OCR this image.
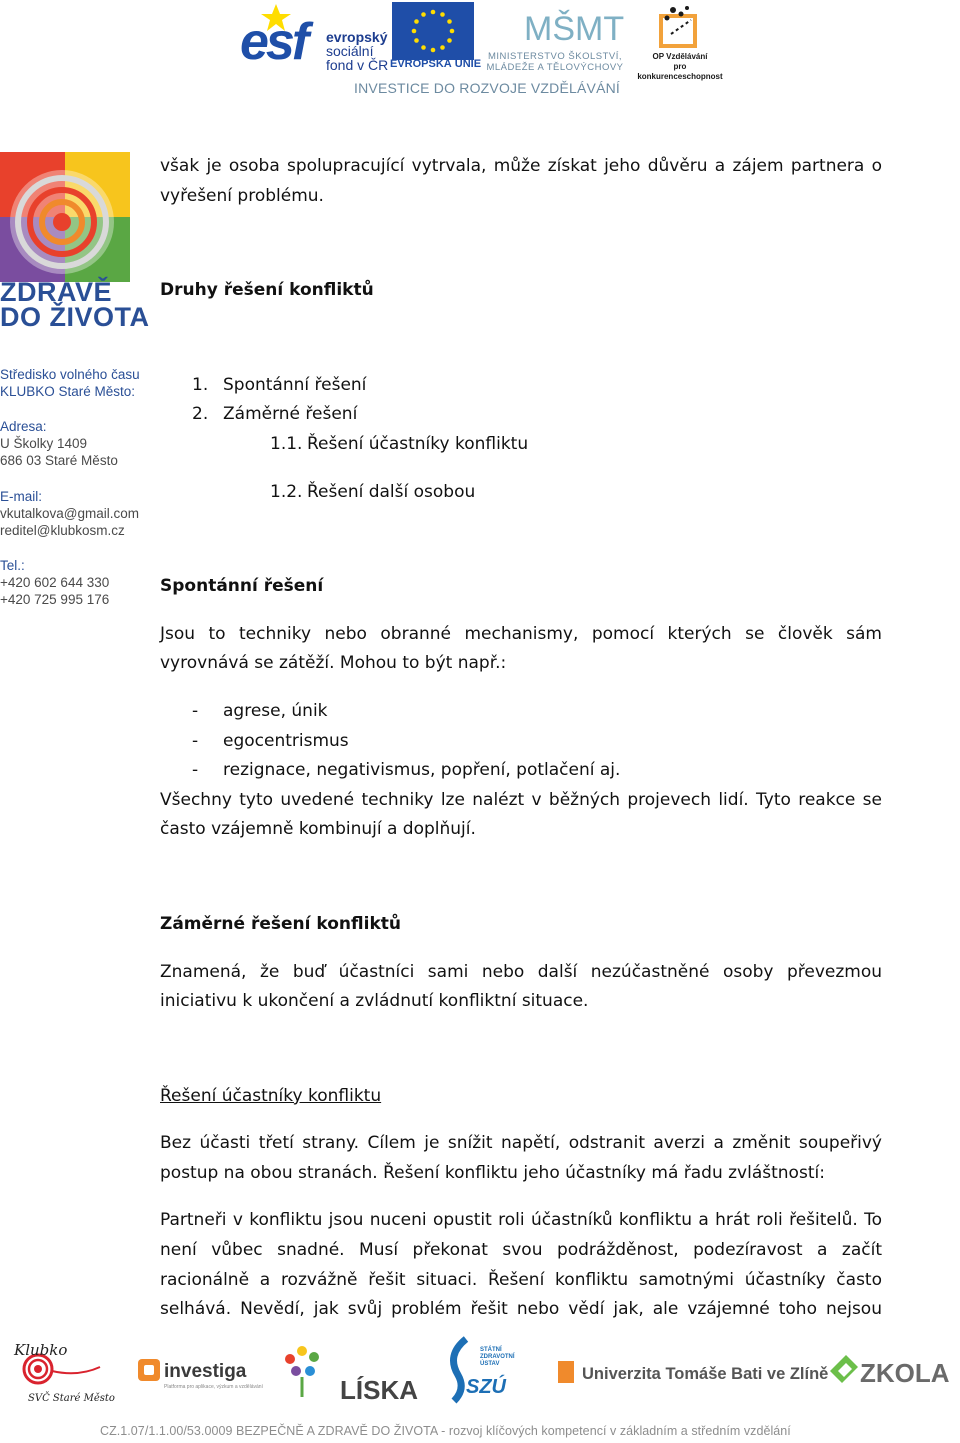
esf evropský
sociální
fond v ČR EVROPSKÁ UNIE
MŠMT
MINISTERSTVO ŠKOLSTVÍ,
MLÁDEŽE A TĚLOVÝCHOVY
OP Vzdělávání
pro konkurenceschopnost
INVESTICE DO ROZVOJE VZDĚLÁVÁNÍ
ZDRAVĚ
DO ŽIVOTA
Středisko volného času
KLUBKO Staré Město:
Adresa:
U Školky 1409
686 03 Staré Město
E-mail:
vkutalkova@gmail.com
reditel@klubkosm.cz
Tel.:
+420 602 644 330
+420 725 995 176

však je osoba spolupracující vytrvala, může získat jeho důvěru a zájem partnera o vyřešení problému.

Druhy řešení konfliktů

1. Spontánní řešení
2. Záměrné řešení
1.1. Řešení účastníky konfliktu
1.2. Řešení další osobou

Spontánní řešení

Jsou to techniky nebo obranné mechanismy, pomocí kterých se člověk sám vyrovnává se zátěží. Mohou to být např.:

- agrese, únik
- egocentrismus
- rezignace, negativismus, popření, potlačení aj.

Všechny tyto uvedené techniky lze nalézt v běžných projevech lidí. Tyto reakce se často vzájemně kombinují a doplňují.

Záměrné řešení konfliktů

Znamená, že buď účastníci sami nebo další nezúčastněné osoby převezmou iniciativu k ukončení a zvládnutí konfliktní situace.

Řešení účastníky konfliktu

Bez účasti třetí strany. Cílem je snížit napětí, odstranit averzi a změnit soupeřivý postup na obou stranách. Řešení konfliktu jeho účastníky má řadu zvláštností:

Partneři v konfliktu jsou nuceni opustit roli účastníků konfliktu a hrát roli řešitelů. To není vůbec snadné. Musí překonat svou podrážděnost, podezíravost a začít racionálně a rozvážně řešit situaci. Řešení konfliktu samotnými účastníky často selhává. Nevědí, jak svůj problém řešit nebo vědí jak, ale vzájemné toho nejsou

Klubko
SVČ Staré Město
investiga
Platforma pro aplikace, výzkum a vzdělávání	LÍSKA
STÁTNÍ
ZDRAVOTNÍ
ÚSTAV
SZÚ
Univerzita Tomáše Bati ve Zlíně ZKOLA
CZ.1.07/1.1.00/53.0009 BEZPEČNĚ A ZDRAVĚ DO ŽIVOTA - rozvoj klíčových kompetencí v základním a středním vzdělání
